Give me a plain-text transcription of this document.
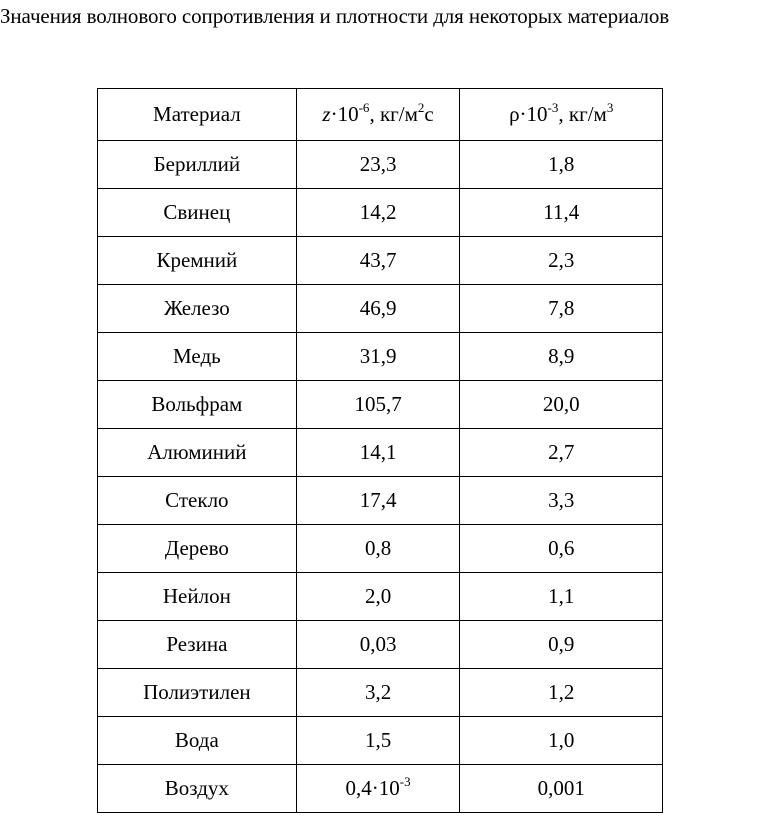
Значения волнового сопротивления и плотности для некоторых материалов
Материал	$z\cdot 10^{-6}$, $кг/м^2с$	$\rho\cdot 10^{-3}$, $кг/м^3$
Бериллий	23,3	1,8
Свинец	14,2	11,4
Кремний	43,7	2,3
Железо	46,9	7,8
Медь	31,9	8,9
Вольфрам	105,7	20,0
Алюминий	14,1	2,7
Стекло	17,4	3,3
Дерево	0,8	0,6
Нейлон	2,0	1,1
Резина	0,03	0,9
Полиэтилен	3,2	1,2
Вода	1,5	1,0
Воздух	$0,4\cdot 10^{-3}$	0,001
